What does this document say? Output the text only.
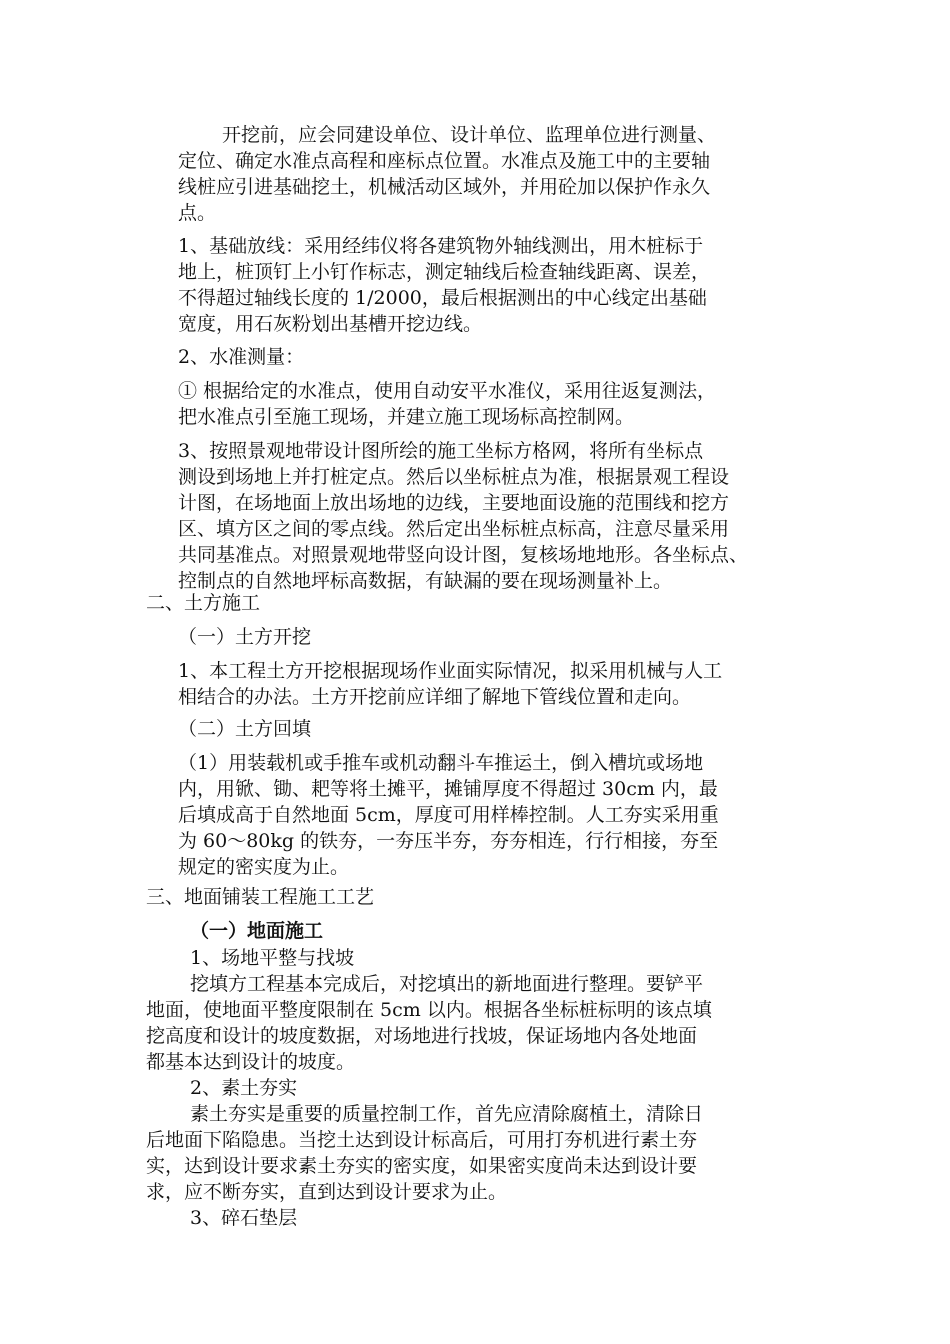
开挖前，应会同建设单位、设计单位、监理单位进行测量、
定位、确定水准点高程和座标点位置。水准点及施工中的主要轴
线桩应引进基础挖土，机械活动区域外，并用砼加以保护作永久
点。
1、基础放线：采用经纬仪将各建筑物外轴线测出，用木桩标于
地上，桩顶钉上小钉作标志，测定轴线后检查轴线距离、误差，
不得超过轴线长度的 1/2000，最后根据测出的中心线定出基础
宽度，用石灰粉划出基槽开挖边线。
2、水准测量：
① 根据给定的水准点，使用自动安平水准仪，采用往返复测法，
把水准点引至施工现场，并建立施工现场标高控制网。
3、按照景观地带设计图所绘的施工坐标方格网，将所有坐标点
测设到场地上并打桩定点。然后以坐标桩点为准，根据景观工程设
计图，在场地面上放出场地的边线，主要地面设施的范围线和挖方
区、填方区之间的零点线。然后定出坐标桩点标高，注意尽量采用
共同基准点。对照景观地带竖向设计图，复核场地地形。各坐标点、
控制点的自然地坪标高数据，有缺漏的要在现场测量补上。
二、土方施工
（一）土方开挖
1、本工程土方开挖根据现场作业面实际情况，拟采用机械与人工
相结合的办法。土方开挖前应详细了解地下管线位置和走向。
（二）土方回填
（1）用装载机或手推车或机动翻斗车推运土，倒入槽坑或场地
内，用锨、锄、耙等将土摊平，摊铺厚度不得超过 30cm 内，最
后填成高于自然地面 5cm，厚度可用样棒控制。人工夯实采用重
为 60～80kg 的铁夯，一夯压半夯，夯夯相连，行行相接，夯至
规定的密实度为止。
三、地面铺装工程施工工艺
（一）地面施工
1、场地平整与找坡
挖填方工程基本完成后，对挖填出的新地面进行整理。要铲平
地面，使地面平整度限制在 5cm 以内。根据各坐标桩标明的该点填
挖高度和设计的坡度数据，对场地进行找坡，保证场地内各处地面
都基本达到设计的坡度。
2、素土夯实
素土夯实是重要的质量控制工作，首先应清除腐植土，清除日
后地面下陷隐患。当挖土达到设计标高后，可用打夯机进行素土夯
实，达到设计要求素土夯实的密实度，如果密实度尚未达到设计要
求，应不断夯实，直到达到设计要求为止。
3、碎石垫层
